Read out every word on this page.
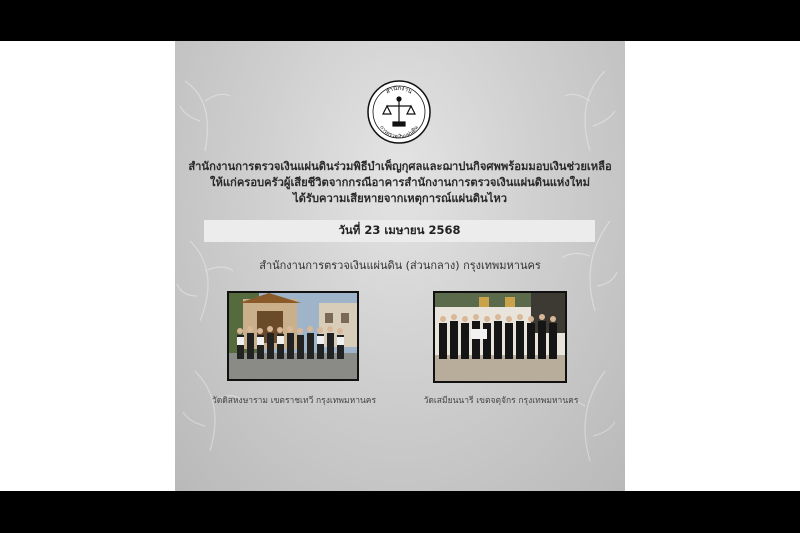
สำนักงาน
การตรวจเงินแผ่นดิน
สำนักงานการตรวจเงินแผ่นดินร่วมพิธีบำเพ็ญกุศลและฌาปนกิจศพพร้อมมอบเงินช่วยเหลือ
ให้แก่ครอบครัวผู้เสียชีวิตจากกรณีอาคารสำนักงานการตรวจเงินแผ่นดินแห่งใหม่
ได้รับความเสียหายจากเหตุการณ์แผ่นดินไหว
วันที่ 23 เมษายน 2568
สำนักงานการตรวจเงินแผ่นดิน (ส่วนกลาง) กรุงเทพมหานคร
วัดดิสหงษาราม เขตราชเทวี กรุงเทพมหานคร	วัดเสมียนนารี เขตจตุจักร กรุงเทพมหานคร
